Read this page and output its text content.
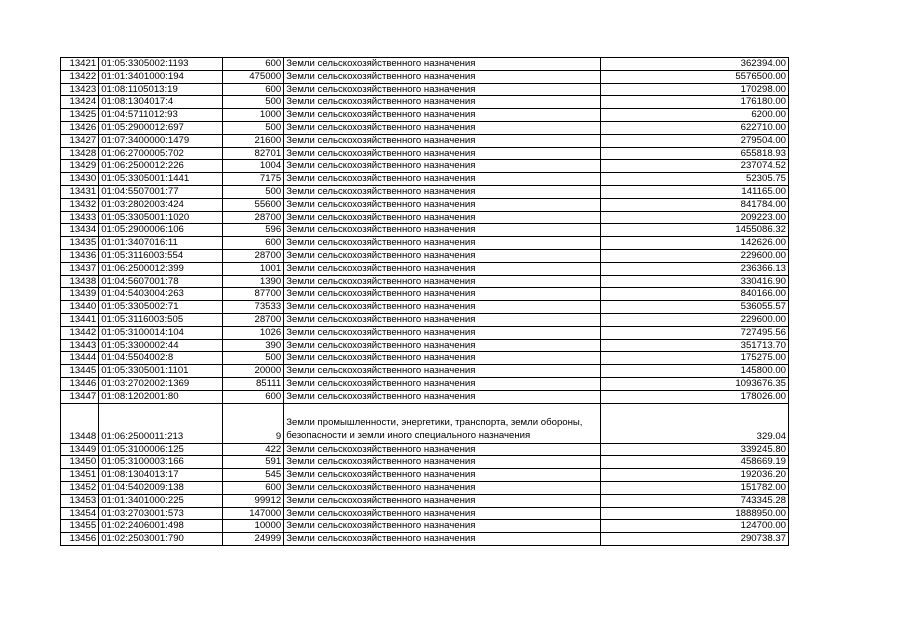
13421	01:05:3305002:1193	600	Земли сельскохозяйственного назначения	362394.00
13422	01:01:3401000:194	475000	Земли сельскохозяйственного назначения	5576500.00
13423	01:08:1105013:19	600	Земли сельскохозяйственного назначения	170298.00
13424	01:08:1304017:4	500	Земли сельскохозяйственного назначения	176180.00
13425	01:04:5711012:93	1000	Земли сельскохозяйственного назначения	6200.00
13426	01:05:2900012:697	500	Земли сельскохозяйственного назначения	622710.00
13427	01:07:3400000:1479	21600	Земли сельскохозяйственного назначения	279504.00
13428	01:06:2700005:702	82701	Земли сельскохозяйственного назначения	655818.93
13429	01:06:2500012:226	1004	Земли сельскохозяйственного назначения	237074.52
13430	01:05:3305001:1441	7175	Земли сельскохозяйственного назначения	52305.75
13431	01:04:5507001:77	500	Земли сельскохозяйственного назначения	141165.00
13432	01:03:2802003:424	55600	Земли сельскохозяйственного назначения	841784.00
13433	01:05:3305001:1020	28700	Земли сельскохозяйственного назначения	209223.00
13434	01:05:2900006:106	596	Земли сельскохозяйственного назначения	1455086.32
13435	01:01:3407016:11	600	Земли сельскохозяйственного назначения	142626.00
13436	01:05:3116003:554	28700	Земли сельскохозяйственного назначения	229600.00
13437	01:06:2500012:399	1001	Земли сельскохозяйственного назначения	236366.13
13438	01:04:5607001:78	1390	Земли сельскохозяйственного назначения	330416.90
13439	01:04:5403004:263	87700	Земли сельскохозяйственного назначения	840166.00
13440	01:05:3305002:71	73533	Земли сельскохозяйственного назначения	536055.57
13441	01:05:3116003:505	28700	Земли сельскохозяйственного назначения	229600.00
13442	01:05:3100014:104	1026	Земли сельскохозяйственного назначения	727495.56
13443	01:05:3300002:44	390	Земли сельскохозяйственного назначения	351713.70
13444	01:04:5504002:8	500	Земли сельскохозяйственного назначения	175275.00
13445	01:05:3305001:1101	20000	Земли сельскохозяйственного назначения	145800.00
13446	01:03:2702002:1369	85111	Земли сельскохозяйственного назначения	1093676.35
13447	01:08:1202001:80	600	Земли сельскохозяйственного назначения	178026.00
13448	01:06:2500011:213	9	Земли промышленности, энергетики, транспорта, земли обороны, безопасности и земли иного специального назначения	329.04
13449	01:05:3100006:125	422	Земли сельскохозяйственного назначения	339245.80
13450	01:05:3100003:166	591	Земли сельскохозяйственного назначения	458669.19
13451	01:08:1304013:17	545	Земли сельскохозяйственного назначения	192036.20
13452	01:04:5402009:138	600	Земли сельскохозяйственного назначения	151782.00
13453	01:01:3401000:225	99912	Земли сельскохозяйственного назначения	743345.28
13454	01:03:2703001:573	147000	Земли сельскохозяйственного назначения	1888950.00
13455	01:02:2406001:498	10000	Земли сельскохозяйственного назначения	124700.00
13456	01:02:2503001:790	24999	Земли сельскохозяйственного назначения	290738.37
